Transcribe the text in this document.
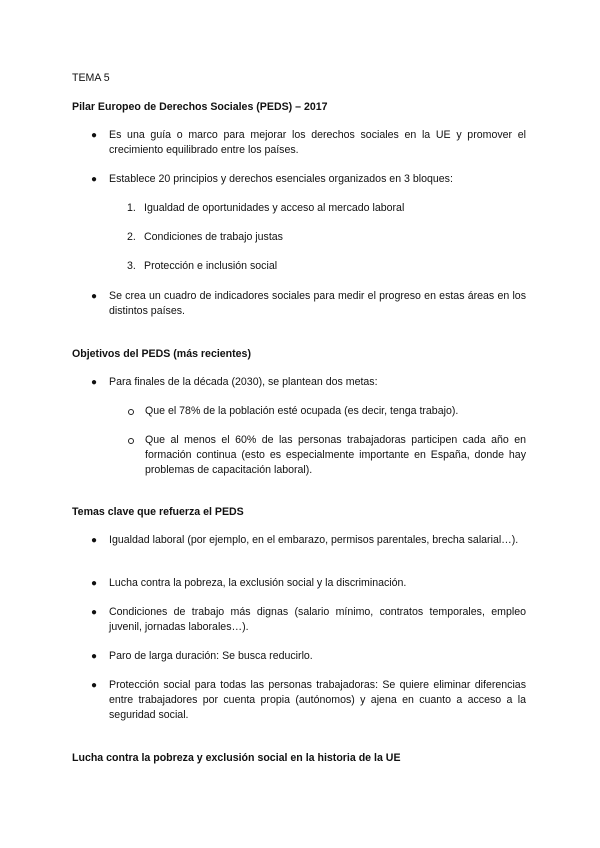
TEMA 5
Pilar Europeo de Derechos Sociales (PEDS) – 2017
● Es una guía o marco para mejorar los derechos sociales en la UE y promover el crecimiento equilibrado entre los países.
● Establece 20 principios y derechos esenciales organizados en 3 bloques:
1. Igualdad de oportunidades y acceso al mercado laboral
2. Condiciones de trabajo justas
3. Protección e inclusión social
● Se crea un cuadro de indicadores sociales para medir el progreso en estas áreas en los distintos países.
Objetivos del PEDS (más recientes)
● Para finales de la década (2030), se plantean dos metas:
Que el 78% de la población esté ocupada (es decir, tenga trabajo).
Que al menos el 60% de las personas trabajadoras participen cada año en formación continua (esto es especialmente importante en España, donde hay problemas de capacitación laboral).
Temas clave que refuerza el PEDS
● Igualdad laboral (por ejemplo, en el embarazo, permisos parentales, brecha salarial…).
● Lucha contra la pobreza, la exclusión social y la discriminación.
● Condiciones de trabajo más dignas (salario mínimo, contratos temporales, empleo juvenil, jornadas laborales…).
● Paro de larga duración: Se busca reducirlo.
● Protección social para todas las personas trabajadoras: Se quiere eliminar diferencias entre trabajadores por cuenta propia (autónomos) y ajena en cuanto a acceso a la seguridad social.
Lucha contra la pobreza y exclusión social en la historia de la UE
